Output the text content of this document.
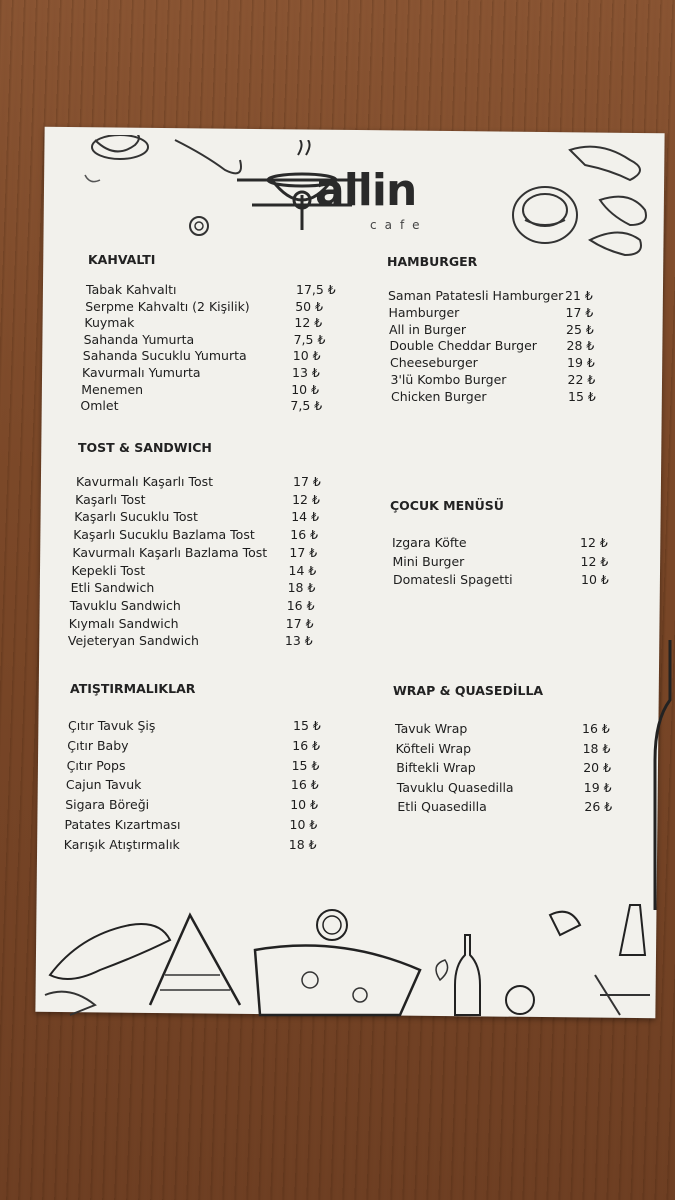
allin
cafe
KAHVALTI
TOST & SANDWICH
ATIŞTIRMALIKLAR
HAMBURGER
ÇOCUK MENÜSÜ
WRAP & QUASEDİLLA
Tabak Kahvaltı	17,5 ₺
Serpme Kahvaltı (2 Kişilik)	50 ₺
Kuymak	12 ₺
Sahanda Yumurta	7,5 ₺
Sahanda Sucuklu Yumurta	10 ₺
Kavurmalı Yumurta	13 ₺
Menemen	10 ₺
Omlet	7,5 ₺
Kavurmalı Kaşarlı Tost	17 ₺
Kaşarlı Tost	12 ₺
Kaşarlı Sucuklu Tost	14 ₺
Kaşarlı Sucuklu Bazlama Tost	16 ₺
Kavurmalı Kaşarlı Bazlama Tost 17 ₺
Kepekli Tost	14 ₺
Etli Sandwich	18 ₺
Tavuklu Sandwich	16 ₺
Kıymalı Sandwich	17 ₺
Vejeteryan Sandwich	13 ₺
Çıtır Tavuk Şiş	15 ₺
Çıtır Baby	16 ₺
Çıtır Pops	15 ₺
Cajun Tavuk	16 ₺
Sigara Böreği	10 ₺
Patates Kızartması	10 ₺
Karışık Atıştırmalık	18 ₺
Saman Patatesli Hamburger 21 ₺
Hamburger	17 ₺
All in Burger	25 ₺
Double Cheddar Burger 28 ₺
Cheeseburger	19 ₺
3'lü Kombo Burger	22 ₺
Chicken Burger	15 ₺
Izgara Köfte	12 ₺
Mini Burger	12 ₺
Domatesli Spagetti	10 ₺
Tavuk Wrap	16 ₺
Köfteli Wrap	18 ₺
Biftekli Wrap	20 ₺
Tavuklu Quasedilla	19 ₺
Etli Quasedilla	26 ₺
